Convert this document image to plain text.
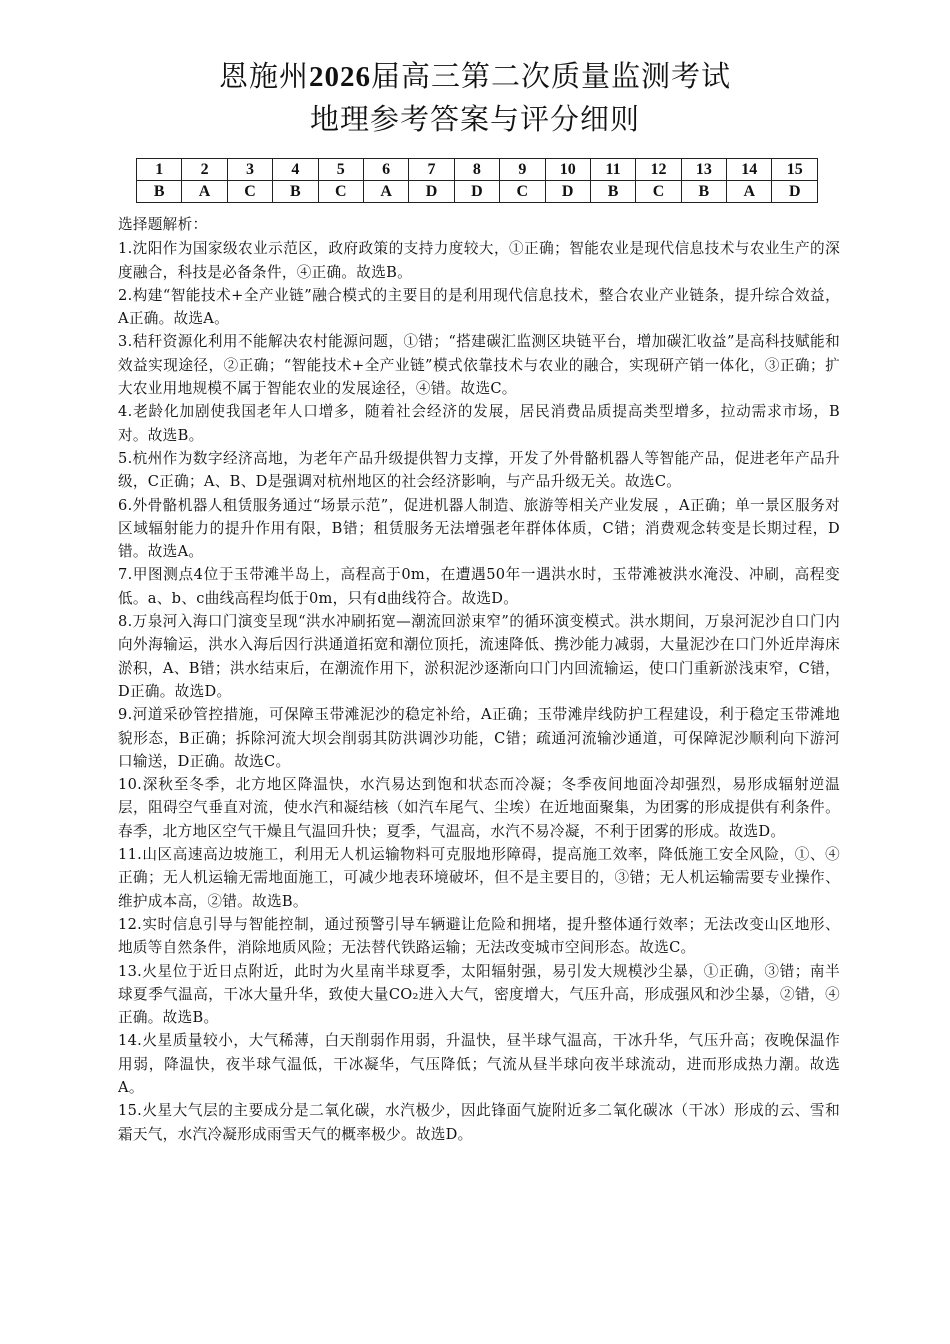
恩施州2026届高三第二次质量监测考试
地理参考答案与评分细则
1	2	3	4	5	6	7	8	9	10	11	12	13	14	15
B	A	C	B	C	A	D	D	C	D	B	C	B	A	D

选择题解析：

1.沈阳作为国家级农业示范区，政府政策的支持力度较大，①正确；智能农业是现代信息技术与农业生产的深度融合，科技是必备条件，④正确。故选B。

2.构建“智能技术+全产业链”融合模式的主要目的是利用现代信息技术，整合农业产业链条，提升综合效益，A正确。故选A。

3.秸秆资源化利用不能解决农村能源问题，①错；“搭建碳汇监测区块链平台，增加碳汇收益”是高科技赋能和效益实现途径，②正确；“智能技术+全产业链”模式依靠技术与农业的融合，实现研产销一体化，③正确；扩大农业用地规模不属于智能农业的发展途径，④错。故选C。

4.老龄化加剧使我国老年人口增多，随着社会经济的发展，居民消费品质提高类型增多，拉动需求市场，B对。故选B。

5.杭州作为数字经济高地，为老年产品升级提供智力支撑，开发了外骨骼机器人等智能产品，促进老年产品升级，C正确；A、B、D是强调对杭州地区的社会经济影响，与产品升级无关。故选C。

6.外骨骼机器人租赁服务通过“场景示范”，促进机器人制造、旅游等相关产业发展 ，A正确；单一景区服务对区域辐射能力的提升作用有限，B错；租赁服务无法增强老年群体体质，C错；消费观念转变是长期过程，D错。故选A。

7.甲图测点4位于玉带滩半岛上，高程高于0m，在遭遇50年一遇洪水时，玉带滩被洪水淹没、冲刷，高程变低。a、b、c曲线高程均低于0m，只有d曲线符合。故选D。

8.万泉河入海口门演变呈现“洪水冲刷拓宽—潮流回淤束窄”的循环演变模式。洪水期间，万泉河泥沙自口门内向外海输运，洪水入海后因行洪通道拓宽和潮位顶托，流速降低、携沙能力减弱，大量泥沙在口门外近岸海床淤积，A、B错；洪水结束后，在潮流作用下，淤积泥沙逐渐向口门内回流输运，使口门重新淤浅束窄，C错，D正确。故选D。

9.河道采砂管控措施，可保障玉带滩泥沙的稳定补给，A正确；玉带滩岸线防护工程建设，利于稳定玉带滩地貌形态，B正确；拆除河流大坝会削弱其防洪调沙功能，C错；疏通河流输沙通道，可保障泥沙顺利向下游河口输送，D正确。故选C。

10.深秋至冬季，北方地区降温快，水汽易达到饱和状态而冷凝；冬季夜间地面冷却强烈，易形成辐射逆温层，阻碍空气垂直对流，使水汽和凝结核（如汽车尾气、尘埃）在近地面聚集，为团雾的形成提供有利条件。春季，北方地区空气干燥且气温回升快；夏季，气温高，水汽不易冷凝，不利于团雾的形成。故选D。

11.山区高速高边坡施工，利用无人机运输物料可克服地形障碍，提高施工效率，降低施工安全风险，①、④正确；无人机运输无需地面施工，可减少地表环境破坏，但不是主要目的，③错；无人机运输需要专业操作、维护成本高，②错。故选B。

12.实时信息引导与智能控制，通过预警引导车辆避让危险和拥堵，提升整体通行效率；无法改变山区地形、地质等自然条件，消除地质风险；无法替代铁路运输；无法改变城市空间形态。故选C。

13.火星位于近日点附近，此时为火星南半球夏季，太阳辐射强，易引发大规模沙尘暴，①正确，③错；南半球夏季气温高，干冰大量升华，致使大量CO₂进入大气，密度增大，气压升高，形成强风和沙尘暴，②错，④正确。故选B。

14.火星质量较小，大气稀薄，白天削弱作用弱，升温快，昼半球气温高，干冰升华，气压升高；夜晚保温作用弱，降温快，夜半球气温低，干冰凝华，气压降低；气流从昼半球向夜半球流动，进而形成热力潮。故选A。

15.火星大气层的主要成分是二氧化碳，水汽极少，因此锋面气旋附近多二氧化碳冰（干冰）形成的云、雪和霜天气，水汽冷凝形成雨雪天气的概率极少。故选D。
